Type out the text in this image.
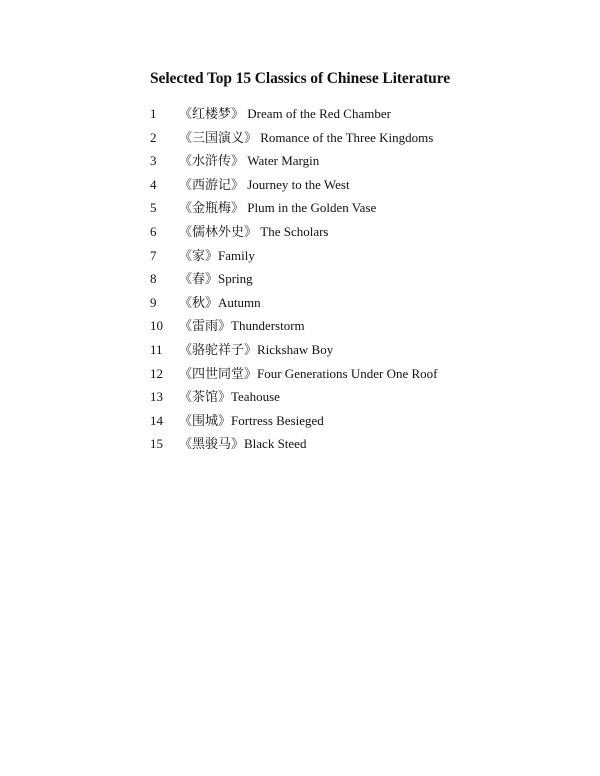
Selected Top 15 Classics of Chinese Literature
1	《红楼梦》 Dream of the Red Chamber
2	《三国演义》 Romance of the Three Kingdoms
3	《水浒传》 Water Margin
4	《西游记》 Journey to the West
5	《金瓶梅》 Plum in the Golden Vase
6	《儒林外史》 The Scholars
7	《家》Family
8	《春》Spring
9	《秋》Autumn
10	《雷雨》Thunderstorm
11	《骆驼祥子》Rickshaw Boy
12	《四世同堂》Four Generations Under One Roof
13	《茶馆》Teahouse
14	《围城》Fortress Besieged
15	《黑骏马》Black Steed
